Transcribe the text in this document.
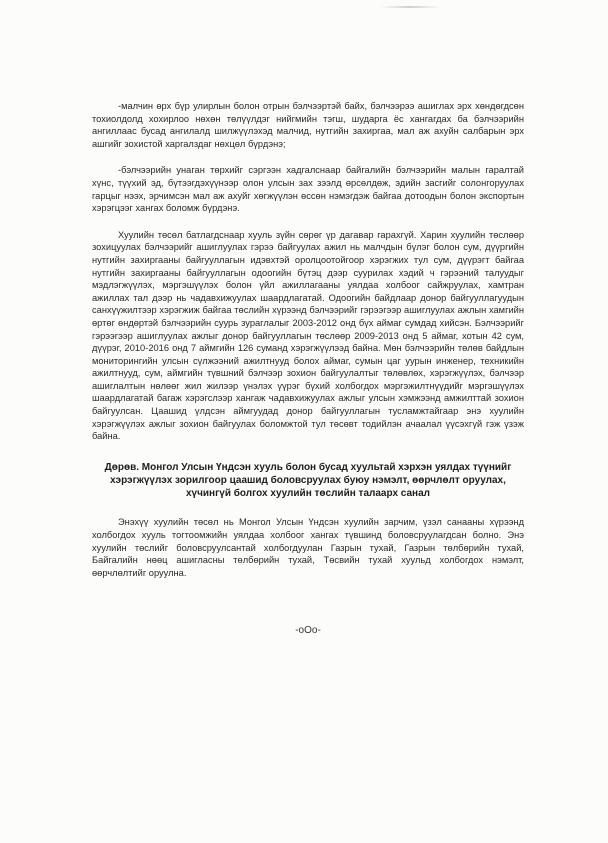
-малчин өрх бүр улирлын болон отрын бэлчээртэй байх, бэлчээрээ ашиглах эрх хөндөгдсөн тохиолдолд хохирлоо нөхөн төлүүлдэг нийгмийн тэгш, шударга ёс хангагдах ба бэлчээрийн ангиллаас бусад ангилалд шилжүүлэхэд малчид, нутгийн захиргаа, мал аж ахуйн салбарын эрх ашгийг зохистой харгалздаг нөхцөл бүрдэнэ;

-бэлчээрийн унаган төрхийг сэргээн хадгалснаар байгалийн бэлчээрийн малын гаралтай хүнс, түүхий эд, бүтээгдэхүүнээр олон улсын зах зээлд өрсөлдөж, эдийн засгийг солонгоруулах гарцыг нээх, эрчимсэн мал аж ахуйг хөгжүүлэн өссөн нэмэгдэж байгаа дотоодын болон экспортын хэрэгцээг хангах боломж бүрдэнэ.

Хуулийн төсөл батлагдснаар хууль зүйн сөрөг үр дагавар гарахгүй. Харин хуулийн төслөөр зохицуулах бэлчээрийг ашиглуулах гэрээ байгуулах ажил нь малчдын бүлэг болон сум, дүүргийн нутгийн захиргааны байгууллагын идэвхтэй оролцоотойгоор хэрэгжих тул сум, дүүрэгт байгаа нутгийн захиргааны байгууллагын одоогийн бүтэц дээр суурилах хэдий ч гэрээний талуудыг мэдлэгжүүлэх, мэргэшүүлэх болон үйл ажиллагааны уялдаа холбоог сайжруулах, хамтран ажиллах тал дээр нь чадавхижуулах шаардлагатай. Одоогийн байдлаар донор байгууллагуудын санхүүжилтээр хэрэгжиж байгаа төслийн хүрээнд бэлчээрийг гэрээгээр ашиглуулах ажлын хамгийн өртөг өндөртэй бэлчээрийн суурь зураглалыг 2003-2012 онд бүх аймаг сумдад хийсэн. Бэлчээрийг гэрээгээр ашиглуулах ажлыг донор байгууллагын төслөөр 2009-2013 онд 5 аймаг, хотын 42 сум, дүүрэг, 2010-2016 онд 7 аймгийн 126 суманд хэрэгжүүлээд байна. Мөн бэлчээрийн төлөв байдлын мониторингийн улсын сүлжээний ажилтнууд болох аймаг, сумын цаг уурын инженер, техникийн ажилтнууд, сум, аймгийн түвшний бэлчээр зохион байгуулалтыг төлөвлөх, хэрэгжүүлэх, бэлчээр ашиглалтын нөлөөг жил жилээр үнэлэх үүрэг бүхий холбогдох мэргэжилтнүүдийг мэргэшүүлэх шаардлагатай багаж хэрэгслээр хангаж чадавхижуулах ажлыг улсын хэмжээнд амжилттай зохион байгуулсан. Цаашид үлдсэн аймгуудад донор байгууллагын тусламжтайгаар энэ хуулийн хэрэгжүүлэх ажлыг зохион байгуулах боломжтой тул төсөвт тодийлэн ачаалал үүсэхгүй гэж үзэж байна.

Дөрөв. Монгол Улсын Үндсэн хууль болон бусад хуультай хэрхэн уялдах түүнийг хэрэгжүүлэх зорилгоор цаашид боловсруулах буюу нэмэлт, өөрчлөлт оруулах, хүчингүй болгох хуулийн төслийн талаарх санал

Энэхүү хуулийн төсөл нь Монгол Улсын Үндсэн хуулийн зарчим, үзэл санааны хүрээнд холбогдох хууль тогтоомжийн уялдаа холбоог хангах түвшинд боловсруулагдсан болно. Энэ хуулийн төслийг боловсруулсантай холбогдуулан Газрын тухай, Газрын төлбөрийн тухай, Байгалийн нөөц ашигласны төлбөрийн тухай, Төсвийн тухай хуульд холбогдох нэмэлт, өөрчлөлтийг оруулна.

-oOo-
